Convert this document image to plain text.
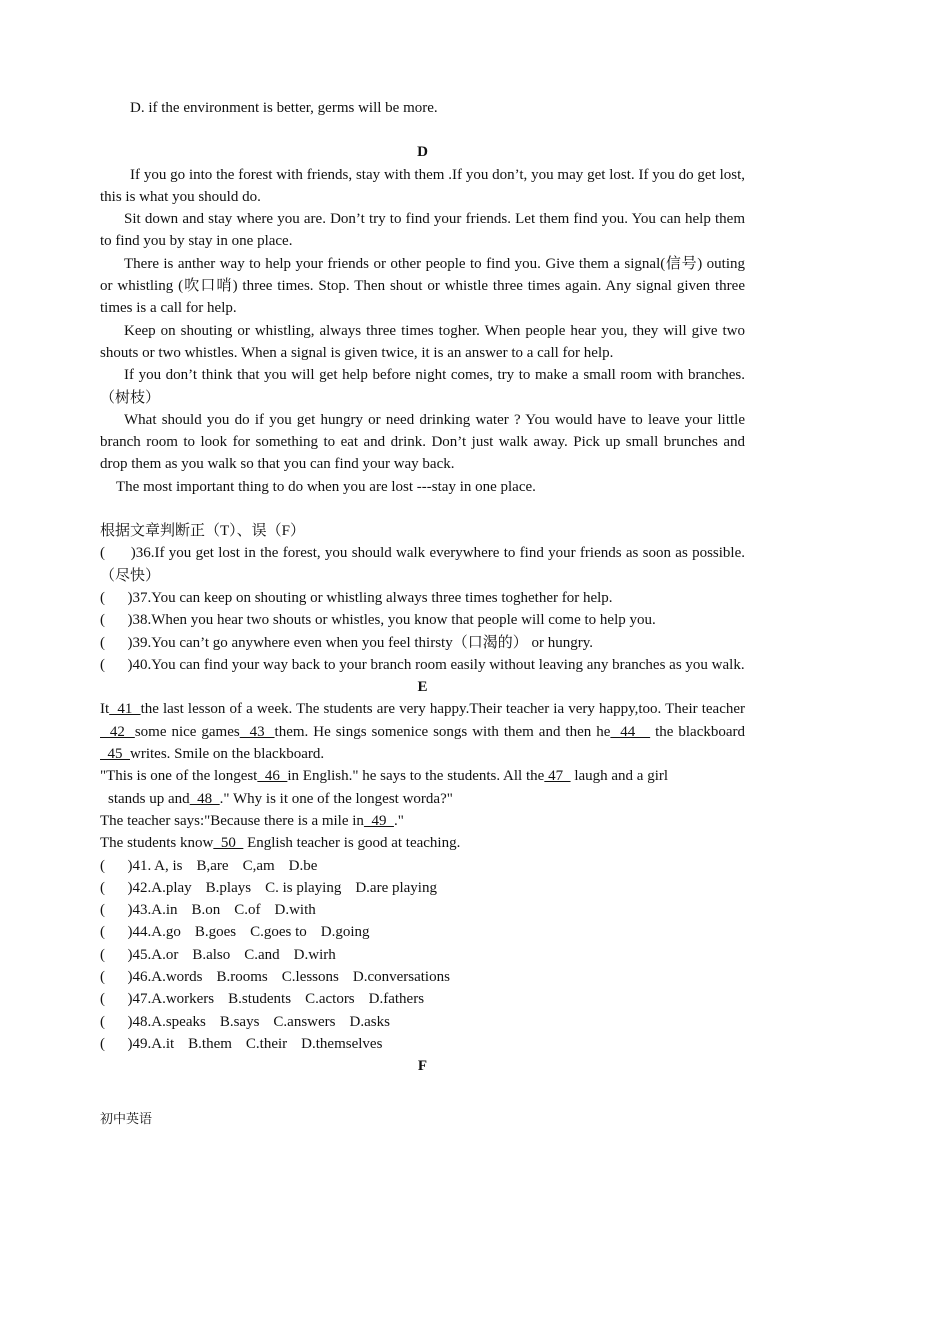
D. if the environment is better, germs will be more.

D

If you go into the forest with friends, stay with them .If you don’t, you may get lost. If you do get lost, this is what you should do.

Sit down and stay where you are. Don’t try to find your friends. Let them find you. You can help them to find you by stay in one place.

There is anther way to help your friends or other people to find you. Give them a signal(信号) outing or whistling (吹口哨) three times. Stop. Then shout or whistle three times again. Any signal given three times is a call for help.

Keep on shouting or whistling, always three times togher. When people hear you, they will give two shouts or two whistles. When a signal is given twice, it is an answer to a call for help.

If you don’t think that you will get help before night comes, try to make a small room with branches.（树枝）

What should you do if you get hungry or need drinking water ? You would have to leave your little branch room to look for something to eat and drink. Don’t just walk away. Pick up small brunches and drop them as you walk so that you can find your way back.

The most important thing to do when you are lost ---stay in one place.

根据文章判断正（T）、误（F）

(      )36.If you get lost in the forest, you should walk everywhere to find your friends as soon as possible.（尽快）

(      )37.You can keep on shouting or whistling always three times toghether for help.

(      )38.When you hear two shouts or whistles, you know that people will come to help you.

(      )39.You can’t go anywhere even when you feel thirsty（口渴的） or hungry.

(      )40.You can find your way back to your branch room easily without leaving any branches as you walk.

E

It  41  the last lesson of a week. The students are very happy.Their teacher ia very happy,too. Their teacher  42  some nice games  43  them. He sings somenice songs with them and then he  44    the blackboard  45  writes. Smile on the blackboard.

"This is one of the longest  46  in English." he says to the students. All the 47   laugh and a girl
stands up and  48  ." Why is it one of the longest worda?"

The teacher says:"Because there is a mile in  49  ."

The students know  50   English teacher is good at teaching.

(      )41. A, is B,are C,am D.be

(      )42.A.play B.plays C. is playing D.are playing

(      )43.A.in B.on C.of D.with

(      )44.A.go B.goes C.goes to D.going

(      )45.A.or B.also C.and D.wirh

(      )46.A.words B.rooms C.lessons D.conversations

(      )47.A.workers B.students C.actors D.fathers

(      )48.A.speaks B.says C.answers D.asks

(      )49.A.it B.them C.their D.themselves

F

初中英语
